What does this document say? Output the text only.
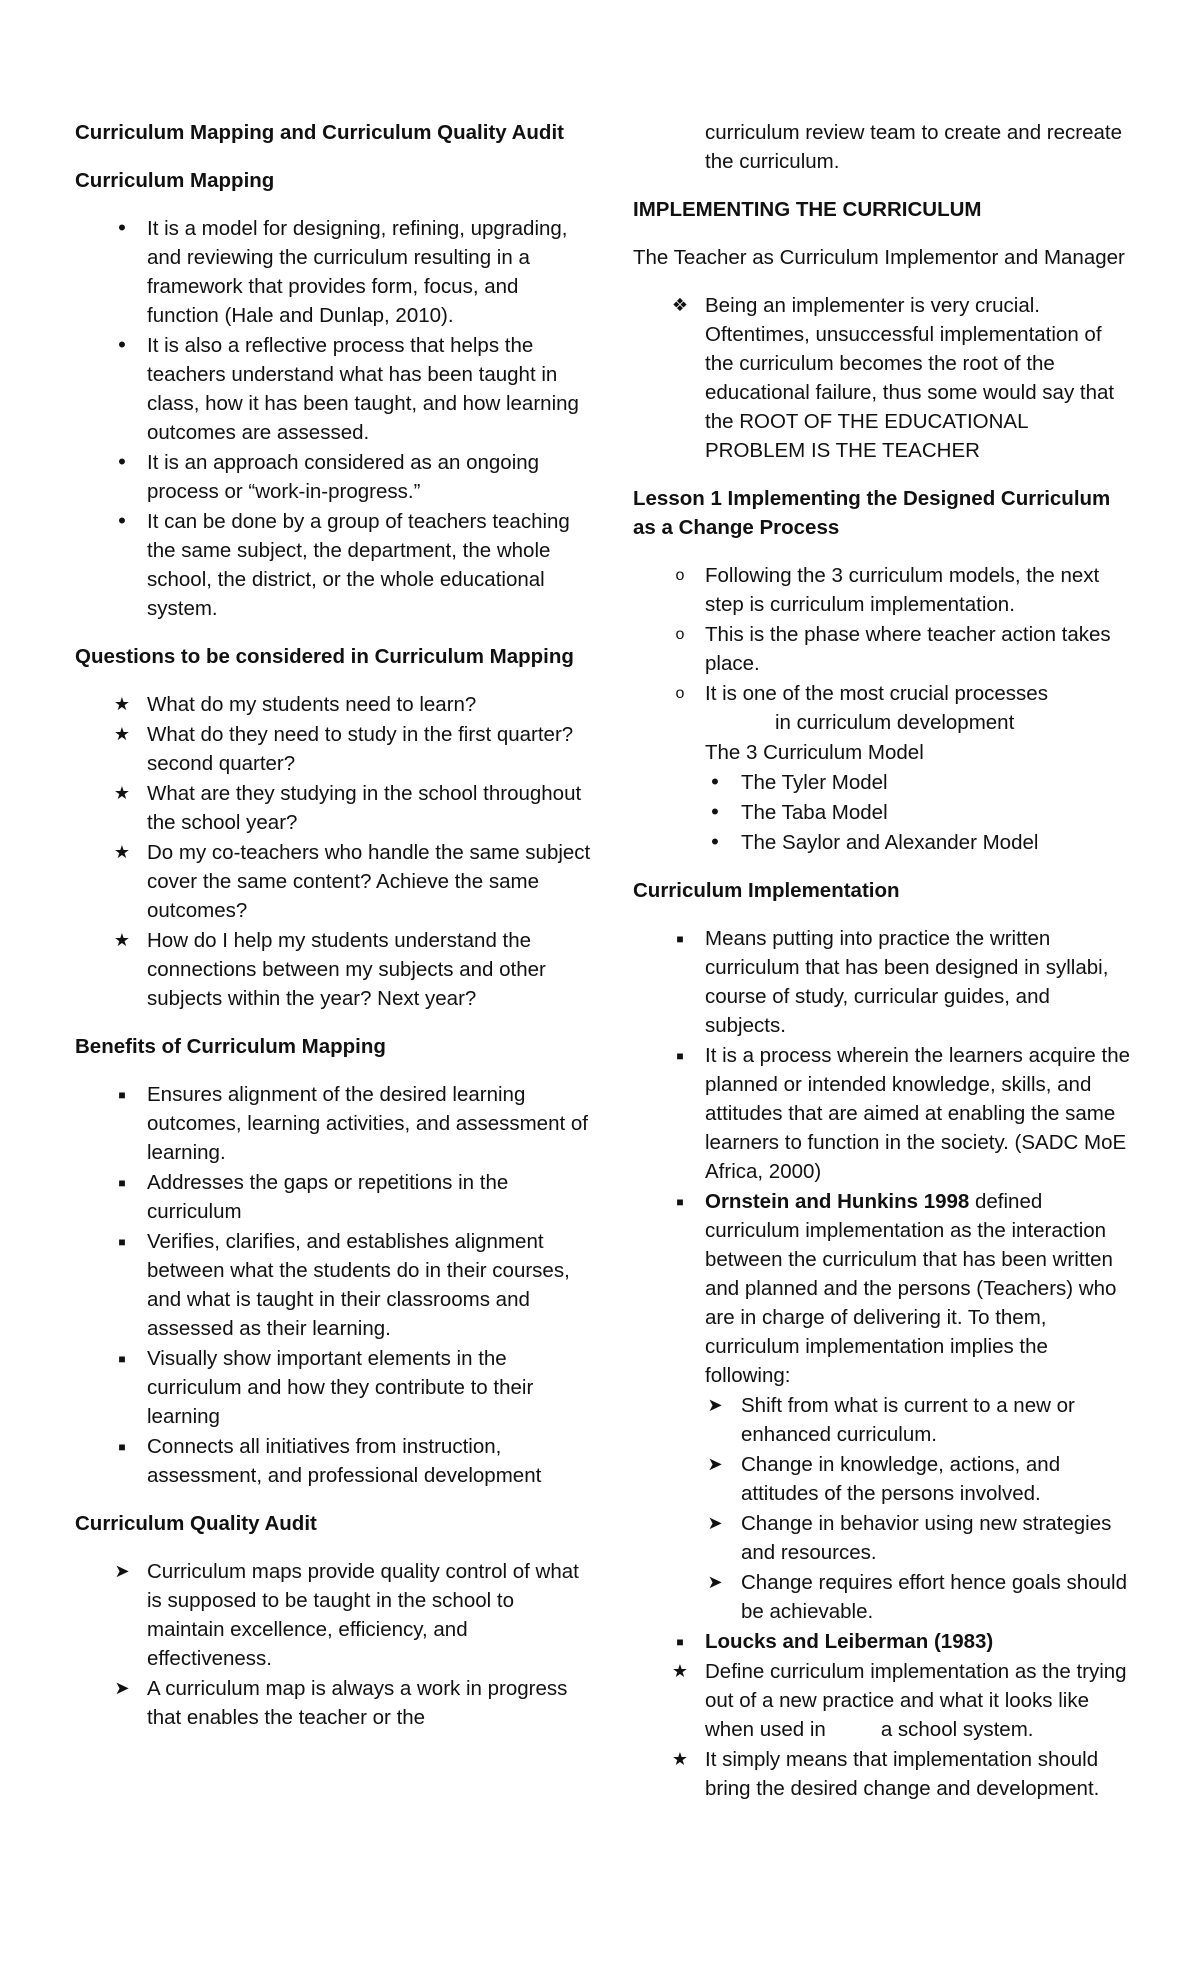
Curriculum Mapping and Curriculum Quality Audit
Curriculum Mapping
•	It is a model for designing, refining, upgrading, and reviewing the curriculum resulting in a framework that provides form, focus, and function (Hale and Dunlap, 2010).
•	It is also a reflective process that helps the teachers understand what has been taught in class, how it has been taught, and how learning outcomes are assessed.
•	It is an approach considered as an ongoing process or “work-in-progress.”
•	It can be done by a group of teachers teaching the same subject, the department, the whole school, the district, or the whole educational system.
Questions to be considered in Curriculum Mapping
★ What do my students need to learn?
★ What do they need to study in the first quarter? second quarter?
★ What are they studying in the school throughout the school year?
★ Do my co-teachers who handle the same subject cover the same content? Achieve the same outcomes?
★ How do I help my students understand the connections between my subjects and other subjects within the year? Next year?
Benefits of Curriculum Mapping
■	Ensures alignment of the desired learning outcomes, learning activities, and assessment of learning.
■	Addresses the gaps or repetitions in the curriculum
■	Verifies, clarifies, and establishes alignment between what the students do in their courses, and what is taught in their classrooms and assessed as their learning.
■	Visually show important elements in the curriculum and how they contribute to their learning
■	Connects all initiatives from instruction, assessment, and professional development
Curriculum Quality Audit
➤ Curriculum maps provide quality control of what is supposed to be taught in the school to maintain excellence, efficiency, and effectiveness.
➤ A curriculum map is always a work in progress that enables the teacher or the
curriculum review team to create and recreate the curriculum.
IMPLEMENTING THE CURRICULUM
The Teacher as Curriculum Implementor and Manager
❖ Being an implementer is very crucial. Oftentimes, unsuccessful implementation of the curriculum becomes the root of the educational failure, thus some would say that the ROOT OF THE EDUCATIONAL PROBLEM IS THE TEACHER
Lesson 1 Implementing the Designed Curriculum as a Change Process
o Following the 3 curriculum models, the next step is curriculum implementation.
o This is the phase where teacher action takes place.
o It is one of the most crucial processes
in curriculum development
The 3 Curriculum Model
•	The Tyler Model
•	The Taba Model
•	The Saylor and Alexander Model
Curriculum Implementation
■	Means putting into practice the written curriculum that has been designed in syllabi, course of study, curricular guides, and subjects.
■	It is a process wherein the learners acquire the planned or intended knowledge, skills, and attitudes that are aimed at enabling the same learners to function in the society. (SADC MoE Africa, 2000)
■	Ornstein and Hunkins 1998 defined curriculum implementation as the interaction between the curriculum that has been written and planned and the persons (Teachers) who are in charge of delivering it. To them, curriculum implementation implies the following:
➤ Shift from what is current to a new or enhanced curriculum.
➤ Change in knowledge, actions, and attitudes of the persons involved.
➤ Change in behavior using new strategies and resources.
➤ Change requires effort hence goals should be achievable.
■	Loucks and Leiberman (1983)
★ Define curriculum implementation as the trying out of a new practice and what it looks like when used in	a school system.
★ It simply means that implementation should bring the desired change and development.
